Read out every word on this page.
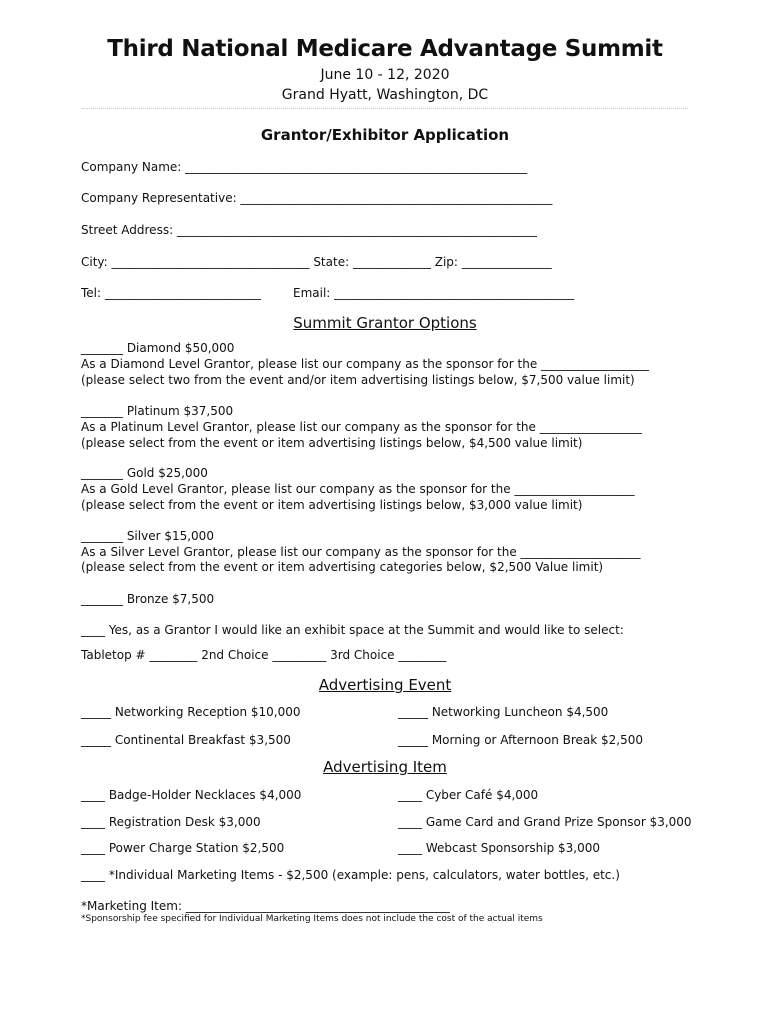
Third National Medicare Advantage Summit
June 10 - 12, 2020
Grand Hyatt, Washington, DC
Grantor/Exhibitor Application
Company Name: _________________________________________________________
Company Representative: ____________________________________________________
Street Address: ____________________________________________________________
City: _________________________________ State: _____________ Zip: _______________
Tel: __________________________	Email: ________________________________________
Summit Grantor Options
_______ Diamond $50,000
As a Diamond Level Grantor, please list our company as the sponsor for the __________________
(please select two from the event and/or item advertising listings below, $7,500 value limit)
_______ Platinum $37,500
As a Platinum Level Grantor, please list our company as the sponsor for the _________________
(please select from the event or item advertising listings below, $4,500 value limit)
_______ Gold $25,000
As a Gold Level Grantor, please list our company as the sponsor for the ____________________
(please select from the event or item advertising listings below, $3,000 value limit)
_______ Silver $15,000
As a Silver Level Grantor, please list our company as the sponsor for the ____________________
(please select from the event or item advertising categories below, $2,500 Value limit)
_______ Bronze $7,500
____ Yes, as a Grantor I would like an exhibit space at the Summit and would like to select:
Tabletop # ________ 2nd Choice _________ 3rd Choice ________
Advertising Event
_____ Networking Reception $10,000	_____ Networking Luncheon $4,500
_____ Continental Breakfast $3,500	_____ Morning or Afternoon Break $2,500
Advertising Item
____ Badge-Holder Necklaces $4,000	____ Cyber Café $4,000
____ Registration Desk $3,000	____ Game Card and Grand Prize Sponsor $3,000
____ Power Charge Station $2,500	____ Webcast Sponsorship $3,000
____ *Individual Marketing Items - $2,500 (example: pens, calculators, water bottles, etc.)
*Marketing Item: ____________________________________________
*Sponsorship fee specified for Individual Marketing Items does not include the cost of the actual items
